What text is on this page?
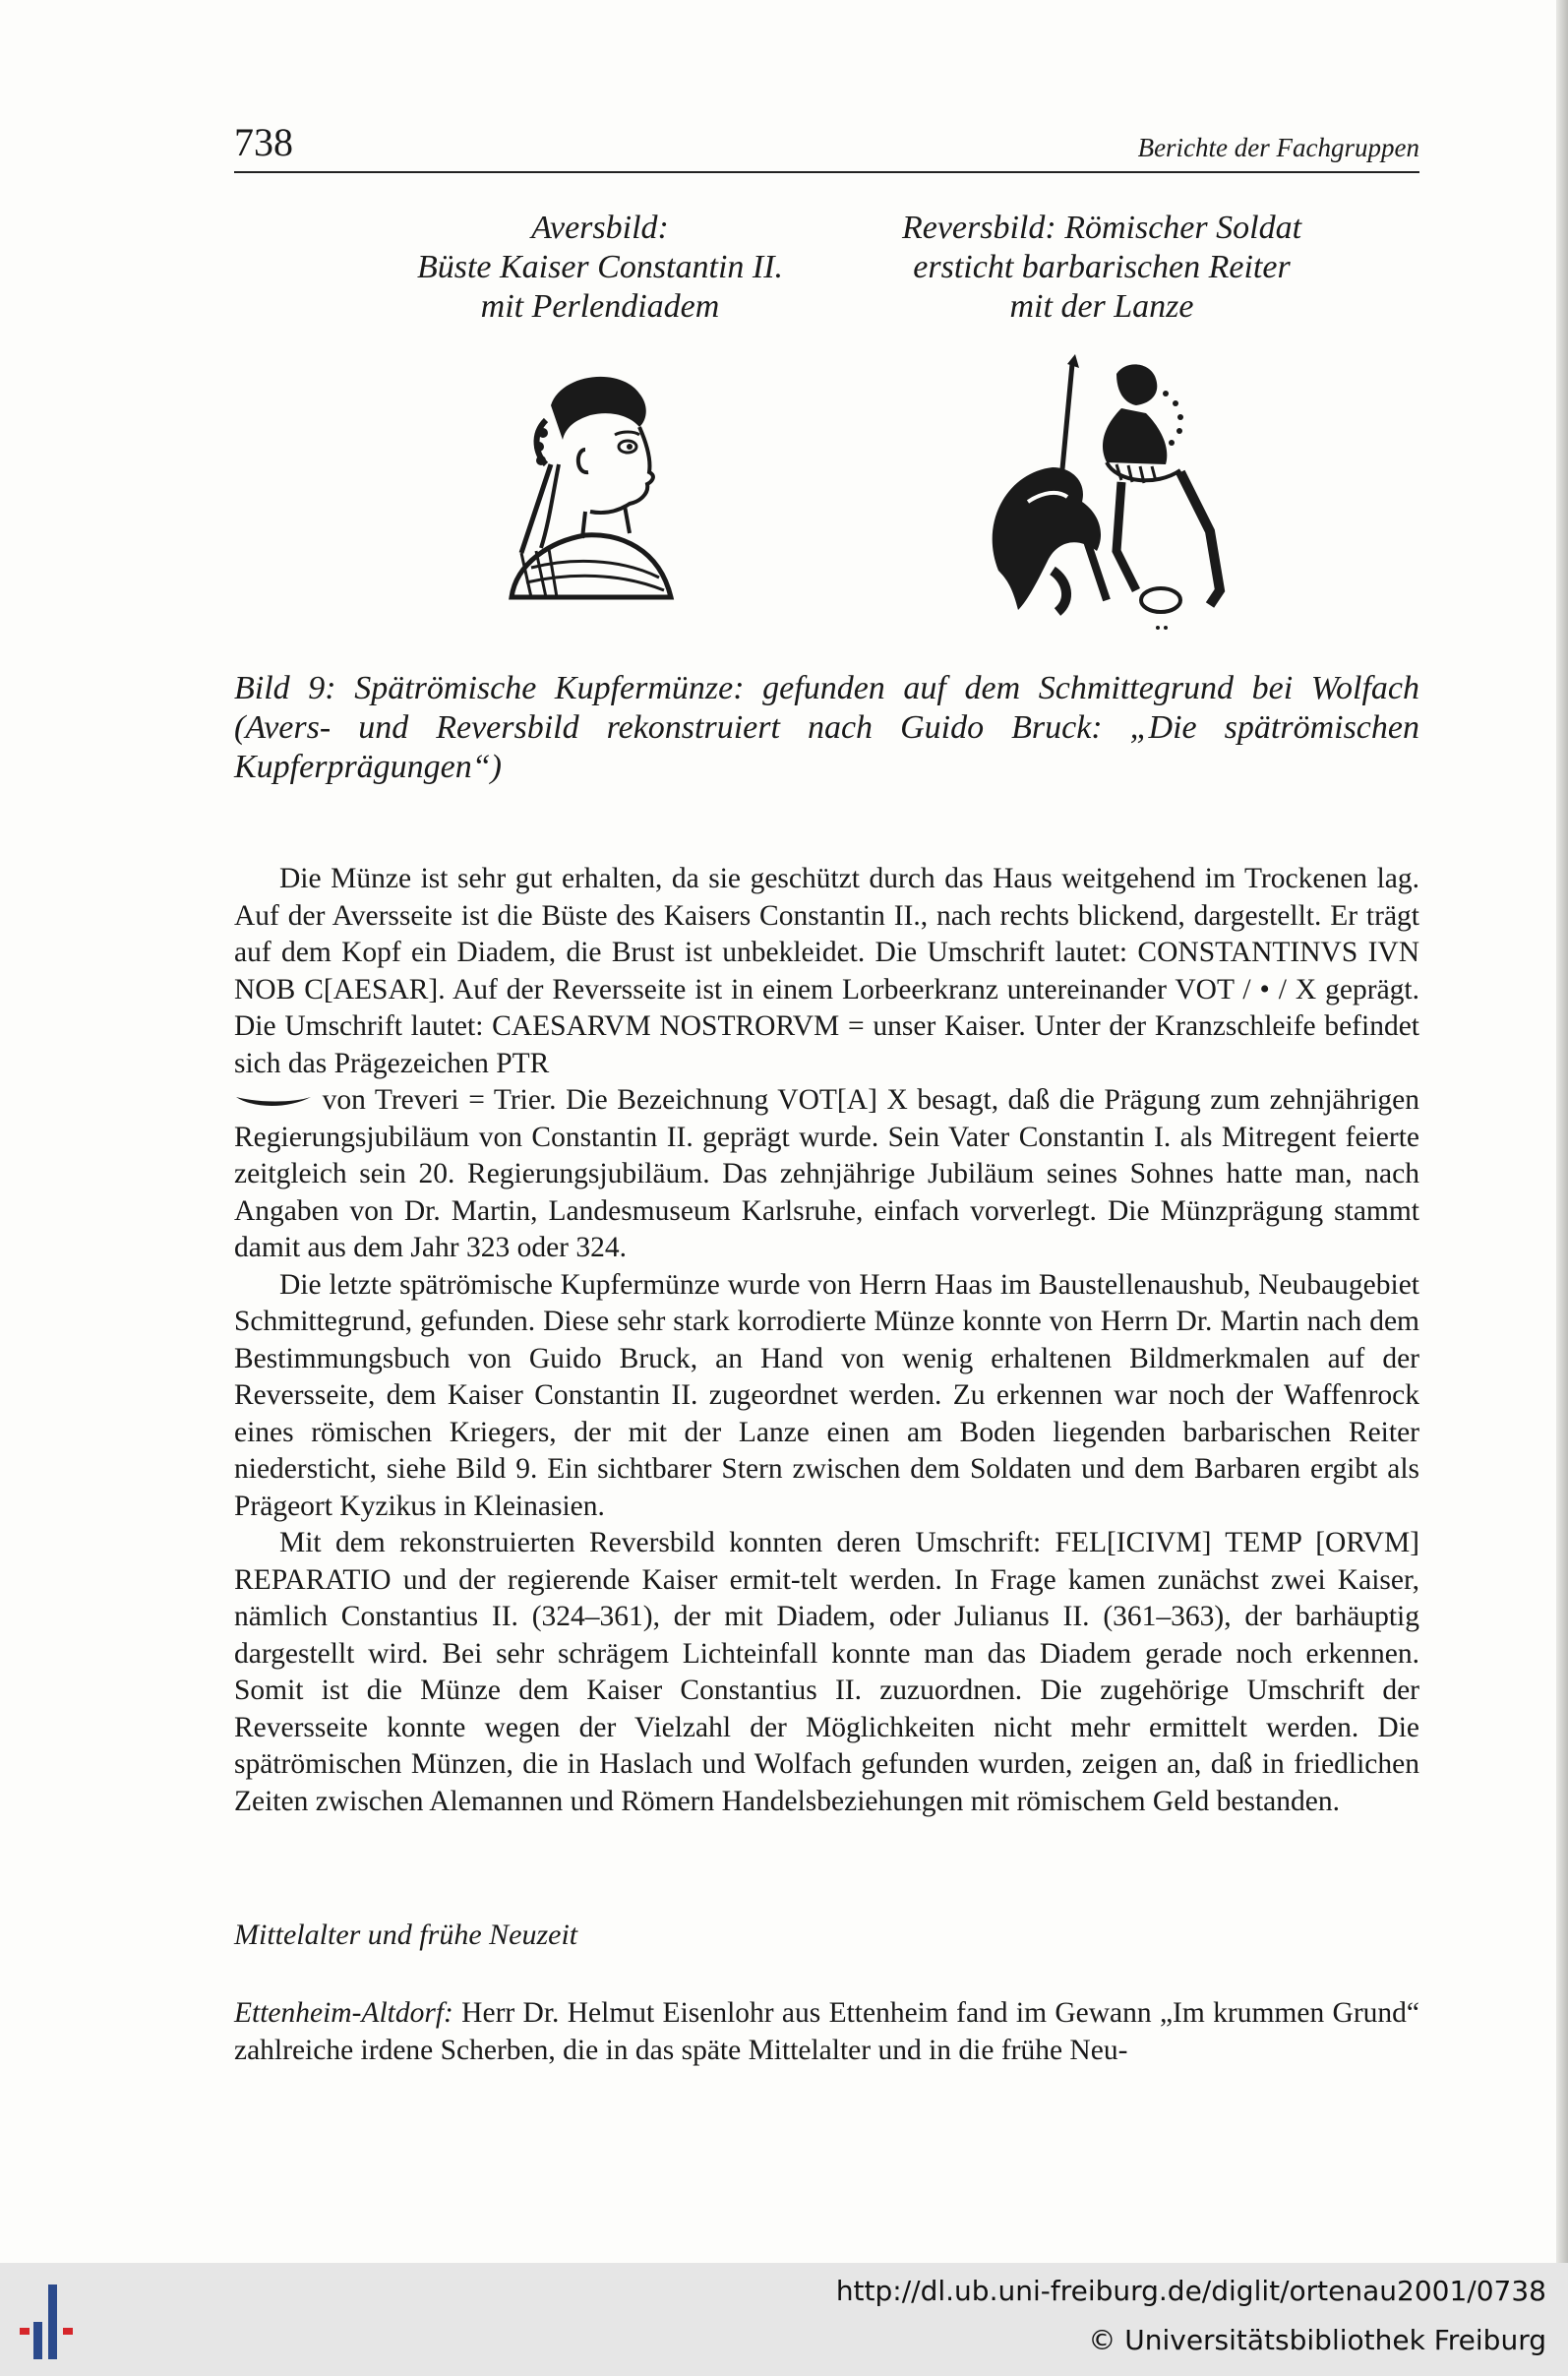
738	Berichte der Fachgruppen
Aversbild:
Büste Kaiser Constantin II.
mit Perlendiadem
Reversbild: Römischer Soldat
ersticht barbarischen Reiter
mit der Lanze
Bild 9: Spätrömische Kupfermünze: gefunden auf dem Schmittegrund bei Wolfach (Avers- und Reversbild rekonstruiert nach Guido Bruck: „Die spätrömischen Kupferprägungen“)

Die Münze ist sehr gut erhalten, da sie geschützt durch das Haus weitgehend im Trockenen lag. Auf der Aversseite ist die Büste des Kaisers Constantin II., nach rechts blickend, dargestellt. Er trägt auf dem Kopf ein Diadem, die Brust ist unbekleidet. Die Umschrift lautet: CONSTANTINVS IVN NOB C[AESAR]. Auf der Reversseite ist in einem Lorbeerkranz untereinander VOT / • / X geprägt. Die Umschrift lautet: CAESARVM NOSTRORVM = unser Kaiser. Unter der Kranzschleife befindet sich das Prägezeichen PTR
von Treveri = Trier. Die Bezeichnung VOT[A] X besagt, daß die Prägung zum zehnjährigen Regierungsjubiläum von Constantin II. geprägt wurde. Sein Vater Constantin I. als Mitregent feierte zeitgleich sein 20. Regierungsjubiläum. Das zehnjährige Jubiläum seines Sohnes hatte man, nach Angaben von Dr. Martin, Landesmuseum Karlsruhe, einfach vorverlegt. Die Münzprägung stammt damit aus dem Jahr 323 oder 324.

Die letzte spätrömische Kupfermünze wurde von Herrn Haas im Baustellenaushub, Neubaugebiet Schmittegrund, gefunden. Diese sehr stark korrodierte Münze konnte von Herrn Dr. Martin nach dem Bestimmungsbuch von Guido Bruck, an Hand von wenig erhaltenen Bildmerkmalen auf der Reversseite, dem Kaiser Constantin II. zugeordnet werden. Zu erkennen war noch der Waffenrock eines römischen Kriegers, der mit der Lanze einen am Boden liegenden barbarischen Reiter niedersticht, siehe Bild 9. Ein sichtbarer Stern zwischen dem Soldaten und dem Barbaren ergibt als Prägeort Kyzikus in Kleinasien.

Mit dem rekonstruierten Reversbild konnten deren Umschrift: FEL[ICIVM] TEMP [ORVM] REPARATIO und der regierende Kaiser ermit-telt werden. In Frage kamen zunächst zwei Kaiser, nämlich Constantius II. (324–361), der mit Diadem, oder Julianus II. (361–363), der barhäuptig dargestellt wird. Bei sehr schrägem Lichteinfall konnte man das Diadem gerade noch erkennen. Somit ist die Münze dem Kaiser Constantius II. zuzuordnen. Die zugehörige Umschrift der Reversseite konnte wegen der Vielzahl der Möglichkeiten nicht mehr ermittelt werden. Die spätrömischen Münzen, die in Haslach und Wolfach gefunden wurden, zeigen an, daß in friedlichen Zeiten zwischen Alemannen und Römern Handelsbeziehungen mit römischem Geld bestanden.

Mittelalter und frühe Neuzeit

Ettenheim-Altdorf: Herr Dr. Helmut Eisenlohr aus Ettenheim fand im Gewann „Im krummen Grund“ zahlreiche irdene Scherben, die in das späte Mittelalter und in die frühe Neu-

http://dl.ub.uni-freiburg.de/diglit/ortenau2001/0738
© Universitätsbibliothek Freiburg
